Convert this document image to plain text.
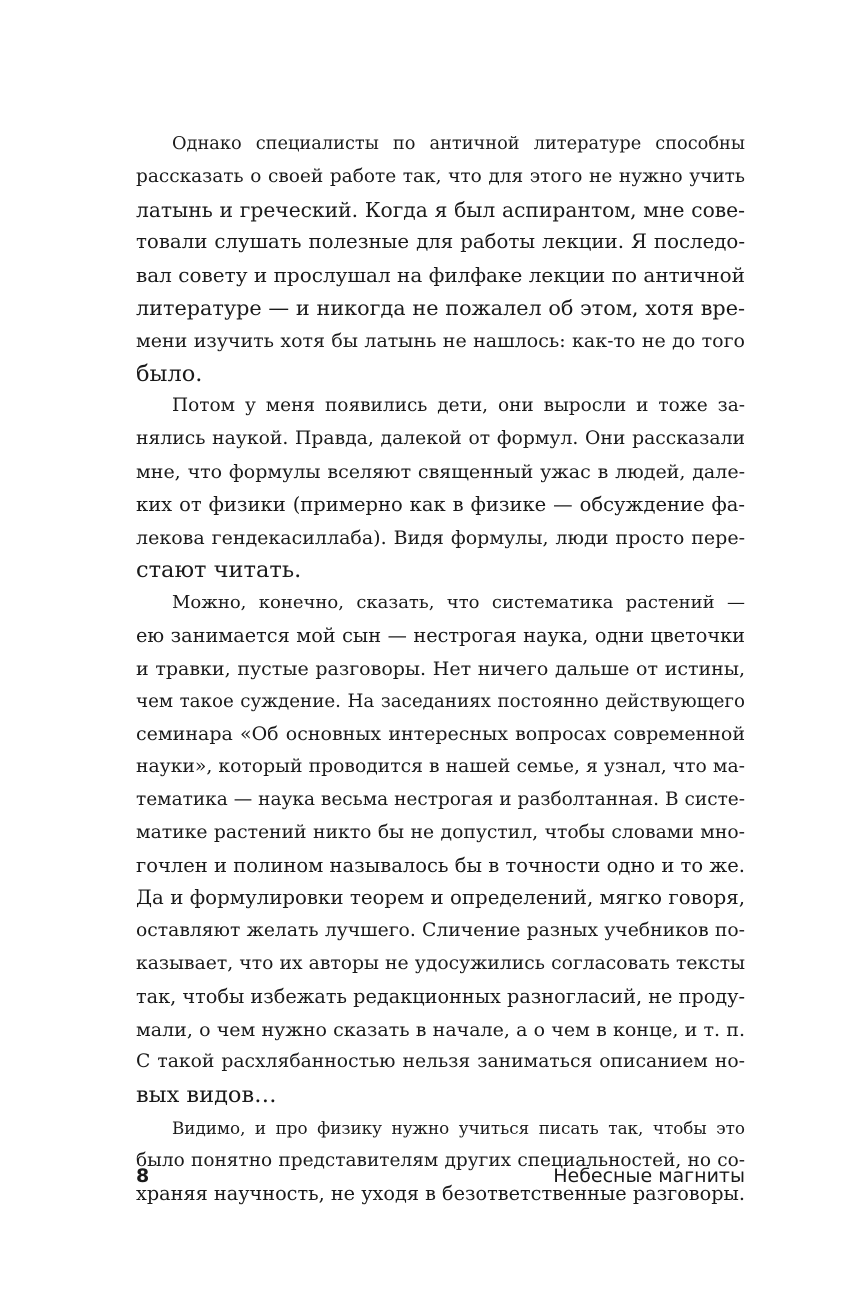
Однако специалисты по античной литературе способны
рассказать о своей работе так, что для этого не нужно учить
латынь и греческий. Когда я был аспирантом, мне сове-
товали слушать полезные для работы лекции. Я последо-
вал совету и прослушал на филфаке лекции по античной
литературе — и никогда не пожалел об этом, хотя вре-
мени изучить хотя бы латынь не нашлось: как-то не до того
было.

Потом у меня появились дети, они выросли и тоже за-
нялись наукой. Правда, далекой от формул. Они рассказали
мне, что формулы вселяют священный ужас в людей, дале-
ких от физики (примерно как в физике — обсуждение фа-
лекова гендекасиллаба). Видя формулы, люди просто пере-
стают читать.

Можно, конечно, сказать, что систематика растений —
ею занимается мой сын — нестрогая наука, одни цветочки
и травки, пустые разговоры. Нет ничего дальше от истины,
чем такое суждение. На заседаниях постоянно действующего
семинара «Об основных интересных вопросах современной
науки», который проводится в нашей семье, я узнал, что ма-
тематика — наука весьма нестрогая и разболтанная. В систе-
матике растений никто бы не допустил, чтобы словами мно-
гочлен и полином называлось бы в точности одно и то же.
Да и формулировки теорем и определений, мягко говоря,
оставляют желать лучшего. Сличение разных учебников по-
казывает, что их авторы не удосужились согласовать тексты
так, чтобы избежать редакционных разногласий, не проду-
мали, о чем нужно сказать в начале, а о чем в конце, и т. п.
С такой расхлябанностью нельзя заниматься описанием но-
вых видов…

Видимо, и про физику нужно учиться писать так, чтобы это
было понятно представителям других специальностей, но со-
храняя научность, не уходя в безответственные разговоры.

8	Небесные магниты
